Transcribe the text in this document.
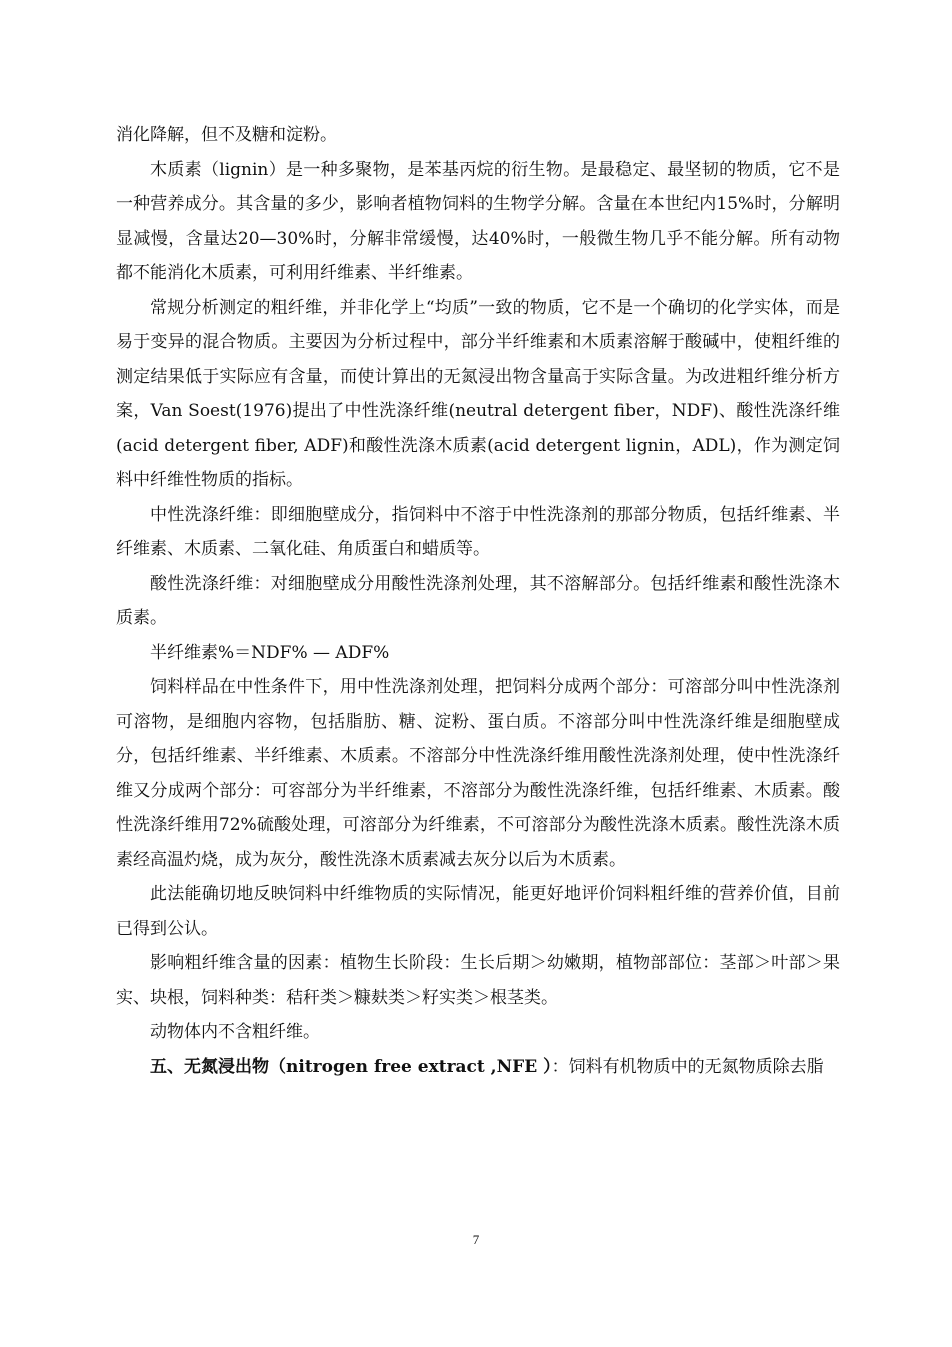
消化降解，但不及糖和淀粉。

木质素（lignin）是一种多聚物，是苯基丙烷的衍生物。是最稳定、最坚韧的物质，它不是一种营养成分。其含量的多少，影响者植物饲料的生物学分解。含量在本世纪内15%时，分解明显减慢，含量达20—30%时，分解非常缓慢，达40%时，一般微生物几乎不能分解。所有动物都不能消化木质素，可利用纤维素、半纤维素。

常规分析测定的粗纤维，并非化学上“均质”一致的物质，它不是一个确切的化学实体，而是易于变异的混合物质。主要因为分析过程中，部分半纤维素和木质素溶解于酸碱中，使粗纤维的测定结果低于实际应有含量，而使计算出的无氮浸出物含量高于实际含量。为改进粗纤维分析方案，Van Soest(1976)提出了中性洗涤纤维(neutral detergent fiber，NDF)、酸性洗涤纤维(acid detergent fiber, ADF)和酸性洗涤木质素(acid detergent lignin，ADL)，作为测定饲料中纤维性物质的指标。

中性洗涤纤维：即细胞壁成分，指饲料中不溶于中性洗涤剂的那部分物质，包括纤维素、半纤维素、木质素、二氧化硅、角质蛋白和蜡质等。

酸性洗涤纤维：对细胞壁成分用酸性洗涤剂处理，其不溶解部分。包括纤维素和酸性洗涤木质素。

半纤维素%＝NDF% — ADF%

饲料样品在中性条件下，用中性洗涤剂处理，把饲料分成两个部分：可溶部分叫中性洗涤剂可溶物，是细胞内容物，包括脂肪、糖、淀粉、蛋白质。不溶部分叫中性洗涤纤维是细胞壁成分，包括纤维素、半纤维素、木质素。不溶部分中性洗涤纤维用酸性洗涤剂处理，使中性洗涤纤维又分成两个部分：可容部分为半纤维素，不溶部分为酸性洗涤纤维，包括纤维素、木质素。酸性洗涤纤维用72%硫酸处理，可溶部分为纤维素，不可溶部分为酸性洗涤木质素。酸性洗涤木质素经高温灼烧，成为灰分，酸性洗涤木质素减去灰分以后为木质素。

此法能确切地反映饲料中纤维物质的实际情况，能更好地评价饲料粗纤维的营养价值，目前已得到公认。

影响粗纤维含量的因素：植物生长阶段：生长后期＞幼嫩期，植物部部位：茎部＞叶部＞果实、块根，饲料种类：秸秆类＞糠麸类＞籽实类＞根茎类。

动物体内不含粗纤维。

五、无氮浸出物（nitrogen free extract ,NFE ）：饲料有机物质中的无氮物质除去脂

7
